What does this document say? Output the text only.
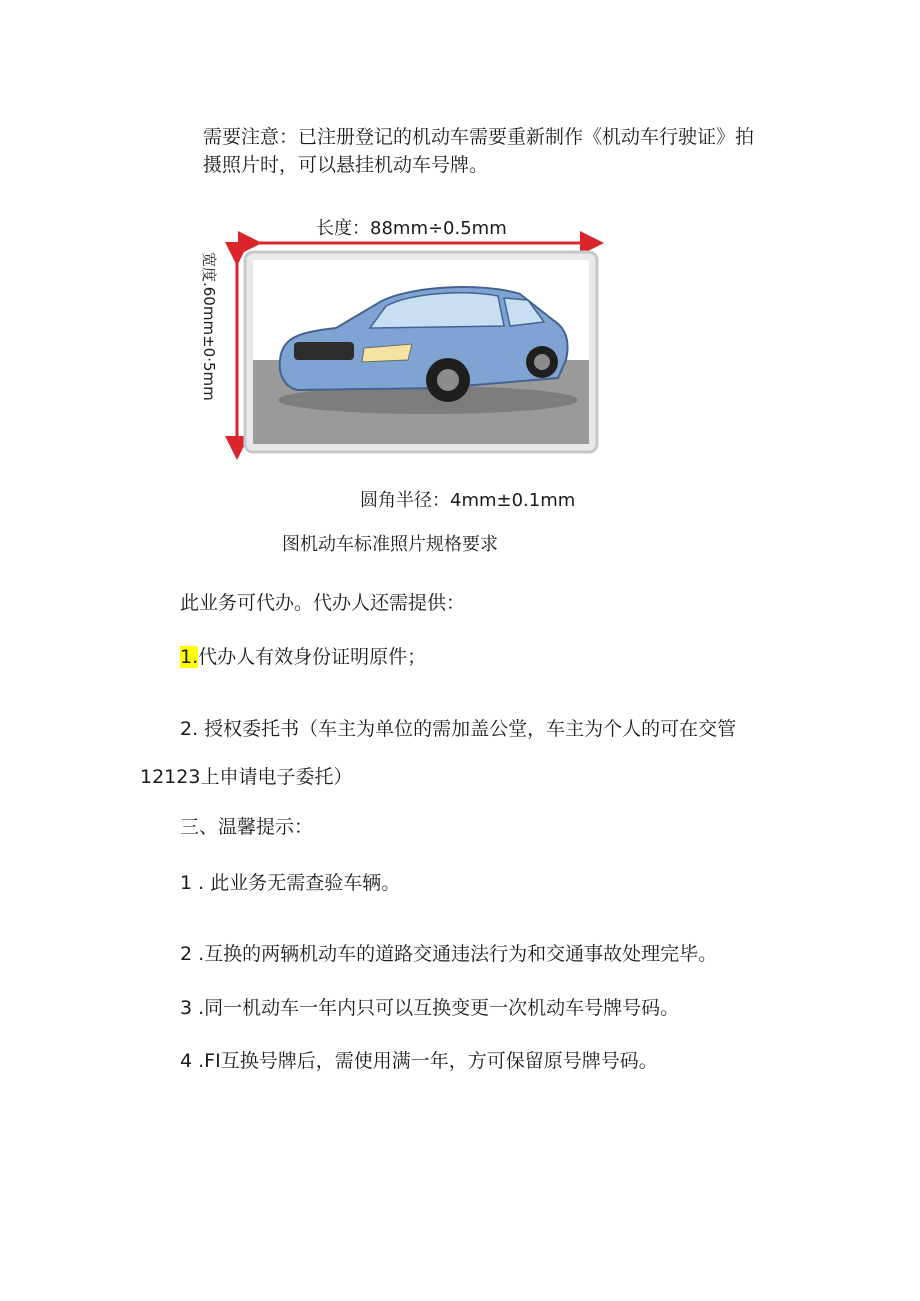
需要注意：已注册登记的机动车需要重新制作《机动车行驶证》拍
摄照片时，可以悬挂机动车号牌。
长度：88mm÷0.5mm
宽度.60mm±0·5mm
圆角半径：4mm±0.1mm
图机动车标准照片规格要求
此业务可代办。代办人还需提供：
1.代办人有效身份证明原件；
2. 授权委托书（车主为单位的需加盖公堂，车主为个人的可在交管
12123上申请电子委托）
三、温馨提示：
1 . 此业务无需查验车辆。
2 .互换的两辆机动车的道路交通违法行为和交通事故处理完毕。
3 .同一机动车一年内只可以互换变更一次机动车号牌号码。
4 .FI互换号牌后，需使用满一年，方可保留原号牌号码。
